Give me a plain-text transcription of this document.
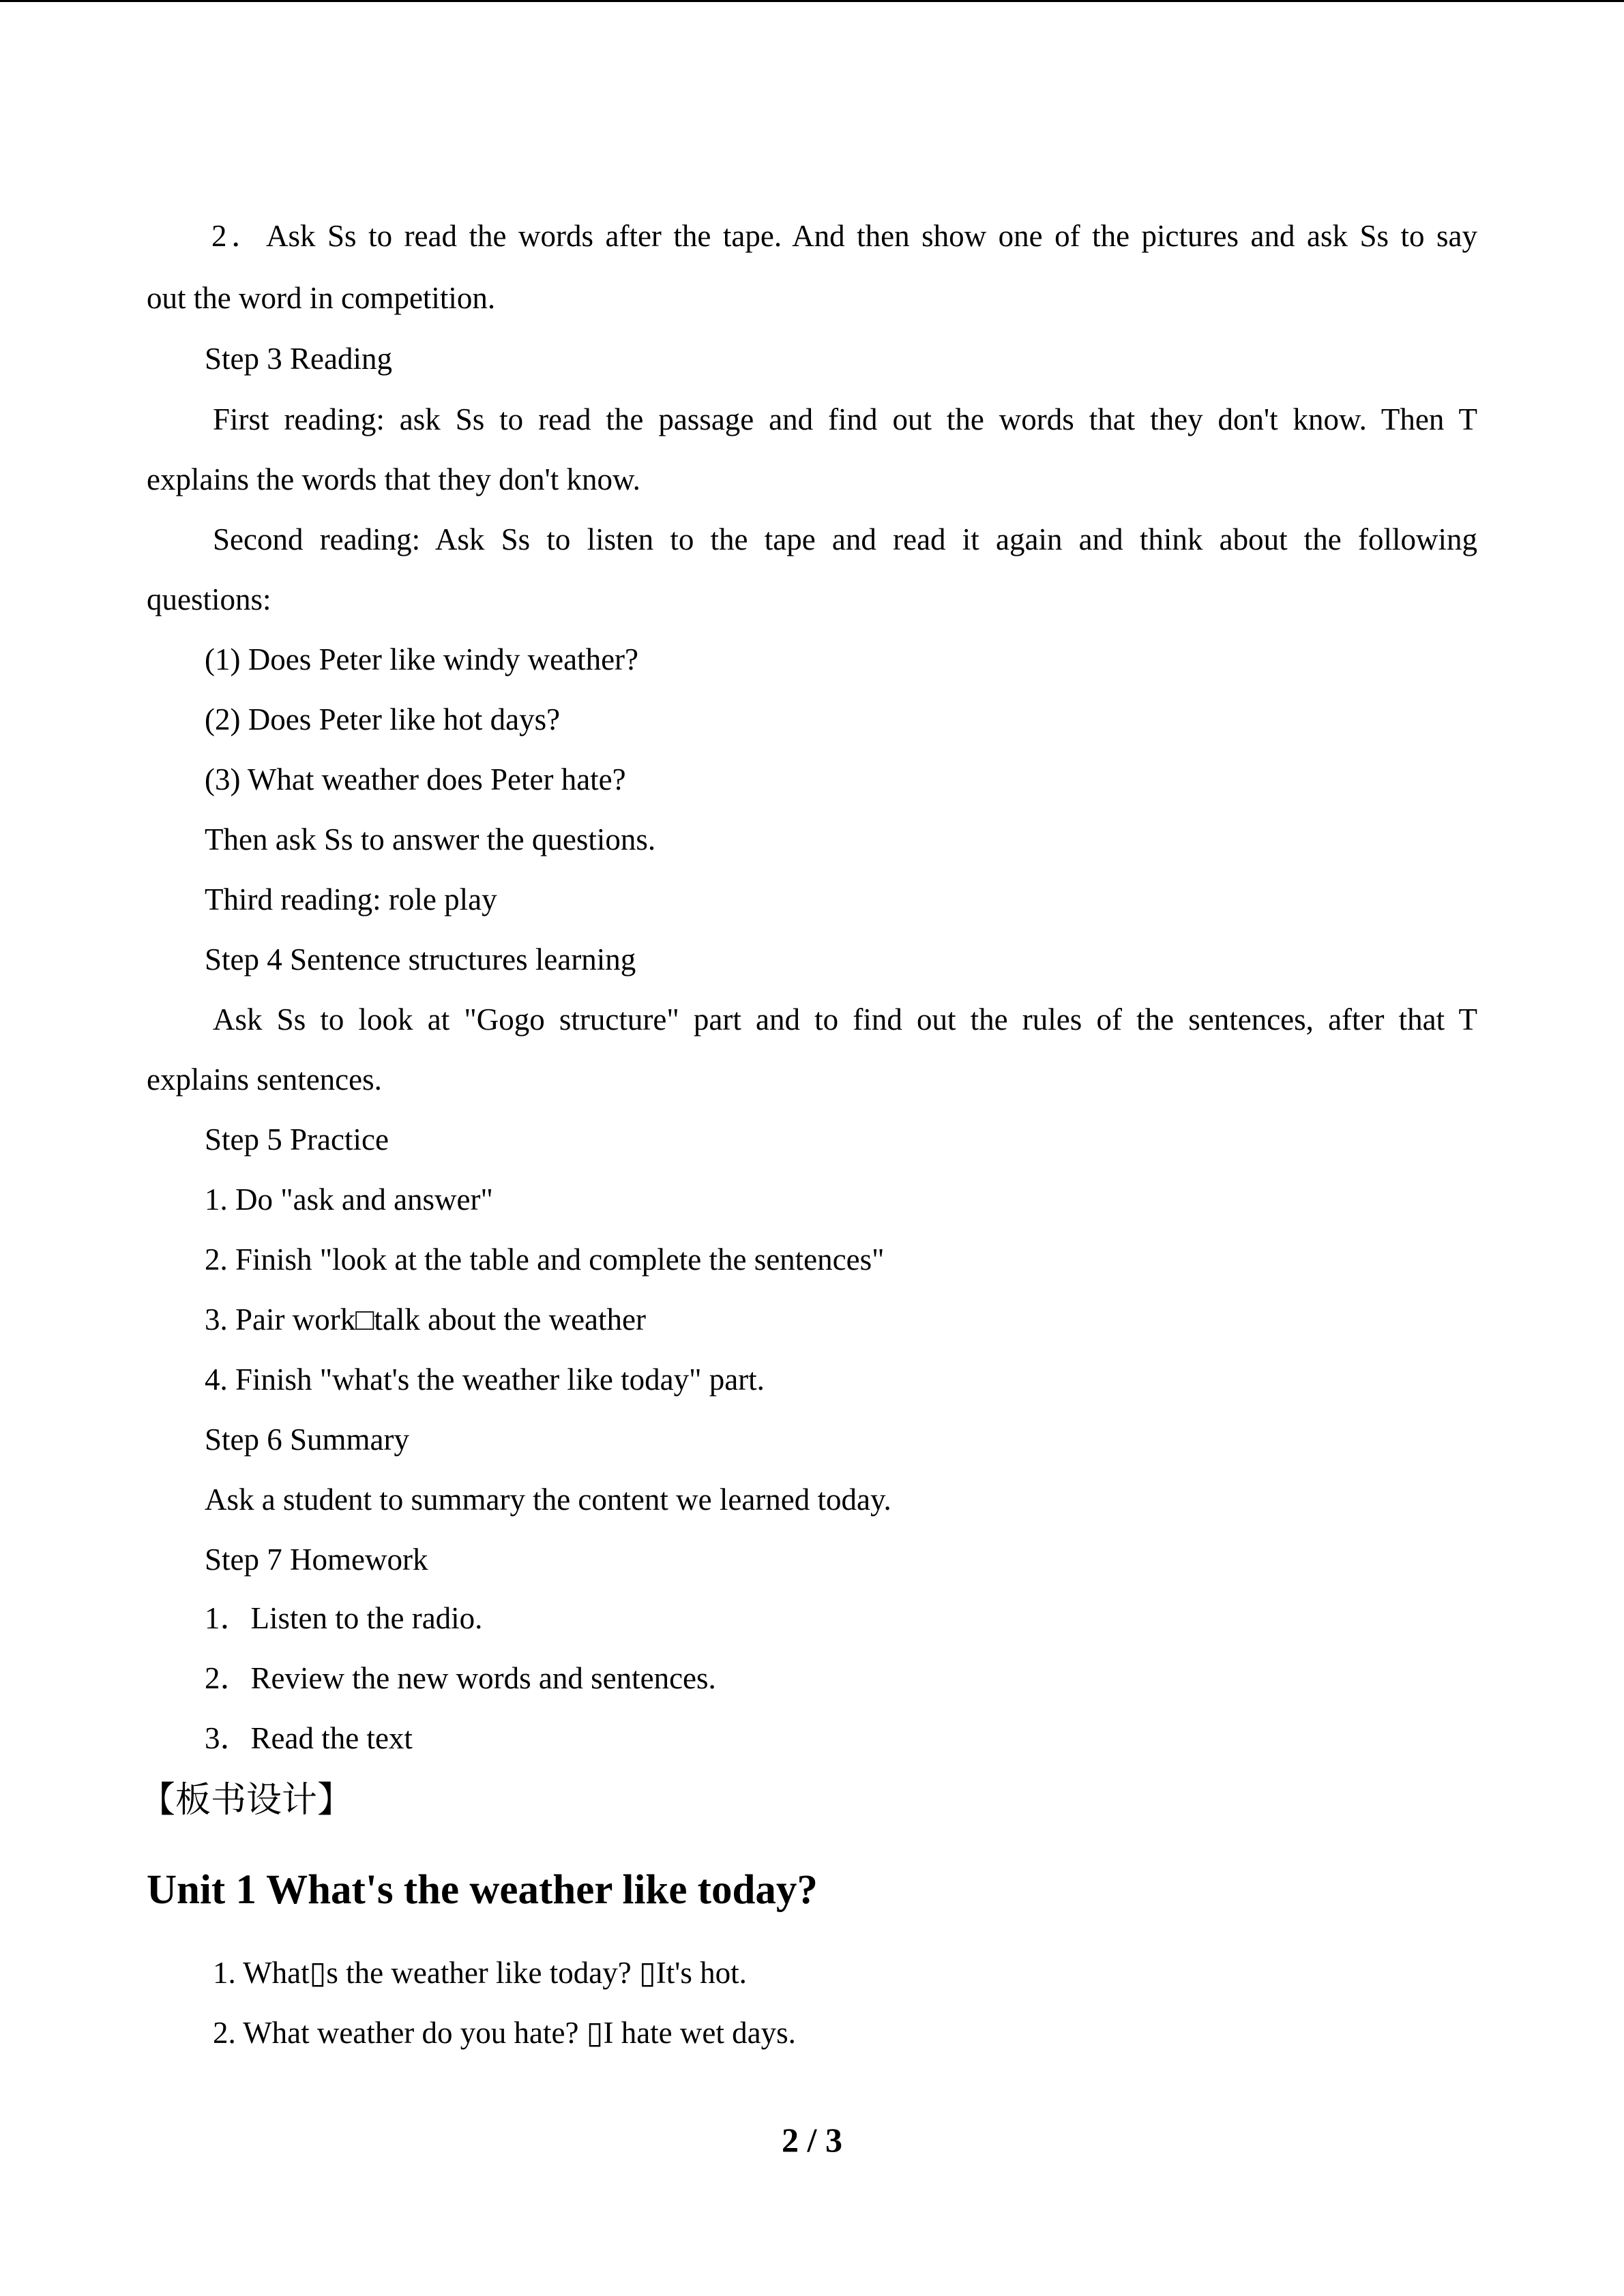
2．Ask Ss to read the words after the tape. And then show one of the pictures and ask Ss to say
out the word in competition.
Step 3 Reading
First reading: ask Ss to read the passage and find out the words that they don't know. Then T
explains the words that they don't know.
Second reading: Ask Ss to listen to the tape and read it again and think about the following
questions:
(1) Does Peter like windy weather?
(2) Does Peter like hot days?
(3) What weather does Peter hate?
Then ask Ss to answer the questions.
Third reading: role play
Step 4 Sentence structures learning
Ask Ss to look at "Gogo structure" part and to find out the rules of the sentences, after that T
explains sentences.
Step 5 Practice
1. Do "ask and answer"
2. Finish "look at the table and complete the sentences"
3. Pair work□talk about the weather
4. Finish "what's the weather like today" part.
Step 6 Summary
Ask a student to summary the content we learned today.
Step 7 Homework
1．Listen to the radio.
2．Review the new words and sentences.
3．Read the text
【板书设计】
Unit 1 What's the weather like today?
1. What▯s the weather like today? ▯It's hot.
2. What weather do you hate? ▯I hate wet days.
2 / 3
